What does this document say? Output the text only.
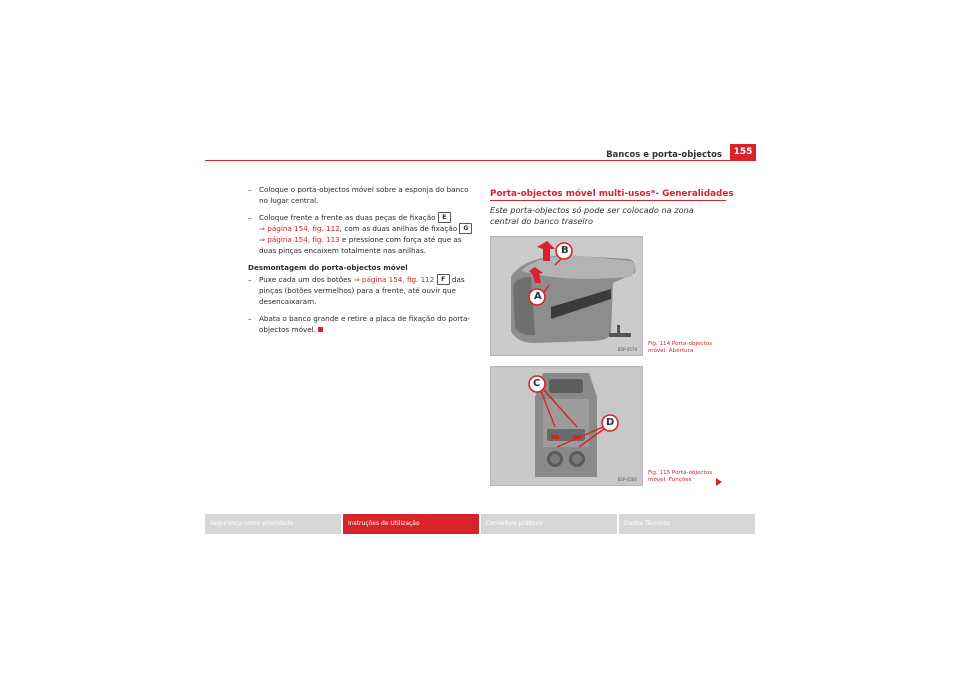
Bancos e porta-objectos	155
– Coloque o porta-objectos móvel sobre a esponja do banco no lugar central.
– Coloque frente a frente as duas peças de fixação E
⇒ página 154, fig. 112, com as duas anilhas de fixação G
⇒ página 154, fig. 113 e pressione com força até que as duas pinças encaixem totalmente nas anilhas.
Desmontagem do porta-objectos móvel
– Puxe cada um dos botões ⇒ página 154, fig. 112 F das pinças (botões vermelhos) para a frente, até ouvir que desencaixaram.
– Abata o banco grande e retire a placa de fixação do porta-objectos móvel.
Porta-objectos móvel multi-usos*- Generalidades
Este porta-objectos só pode ser colocado na zona central do banco traseiro
A
B
B5P-0579
Fig. 114 Porta-objectos móvel. Abertura
C
D
B5P-0580
Fig. 115 Porta-objectos móvel. Funções
Segurança como prioridade	Instruções de Utilização	Conselhos práticos	Dados Técnicos
